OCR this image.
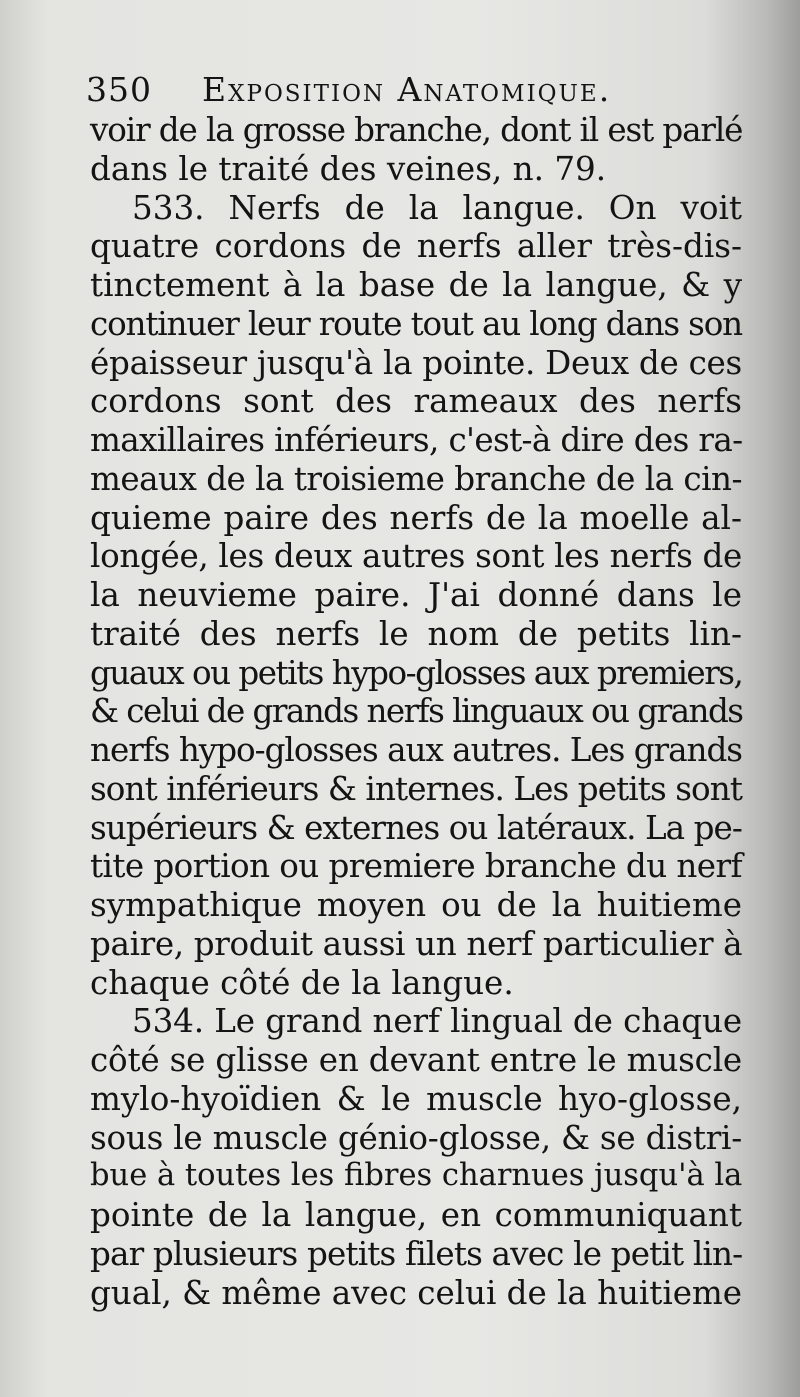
350 Exposition Anatomique.
voir de la grosse branche, dont il est parlé
dans le traité des veines, n. 79.
533. Nerfs de la langue. On voit
quatre cordons de nerfs aller très-dis-
tinctement à la base de la langue, & y
continuer leur route tout au long dans son
épaisseur jusqu'à la pointe. Deux de ces
cordons sont des rameaux des nerfs
maxillaires inférieurs, c'est-à dire des ra-
meaux de la troisieme branche de la cin-
quieme paire des nerfs de la moelle al-
longée, les deux autres sont les nerfs de
la neuvieme paire. J'ai donné dans le
traité des nerfs le nom de petits lin-
guaux ou petits hypo-glosses aux premiers,
& celui de grands nerfs linguaux ou grands
nerfs hypo-glosses aux autres. Les grands
sont inférieurs & internes. Les petits sont
supérieurs & externes ou latéraux. La pe-
tite portion ou premiere branche du nerf
sympathique moyen ou de la huitieme
paire, produit aussi un nerf particulier à
chaque côté de la langue.
534. Le grand nerf lingual de chaque
côté se glisse en devant entre le muscle
mylo-hyoïdien & le muscle hyo-glosse,
sous le muscle génio-glosse, & se distri-
bue à toutes les fibres charnues jusqu'à la
pointe de la langue, en communiquant
par plusieurs petits filets avec le petit lin-
gual, & même avec celui de la huitieme
